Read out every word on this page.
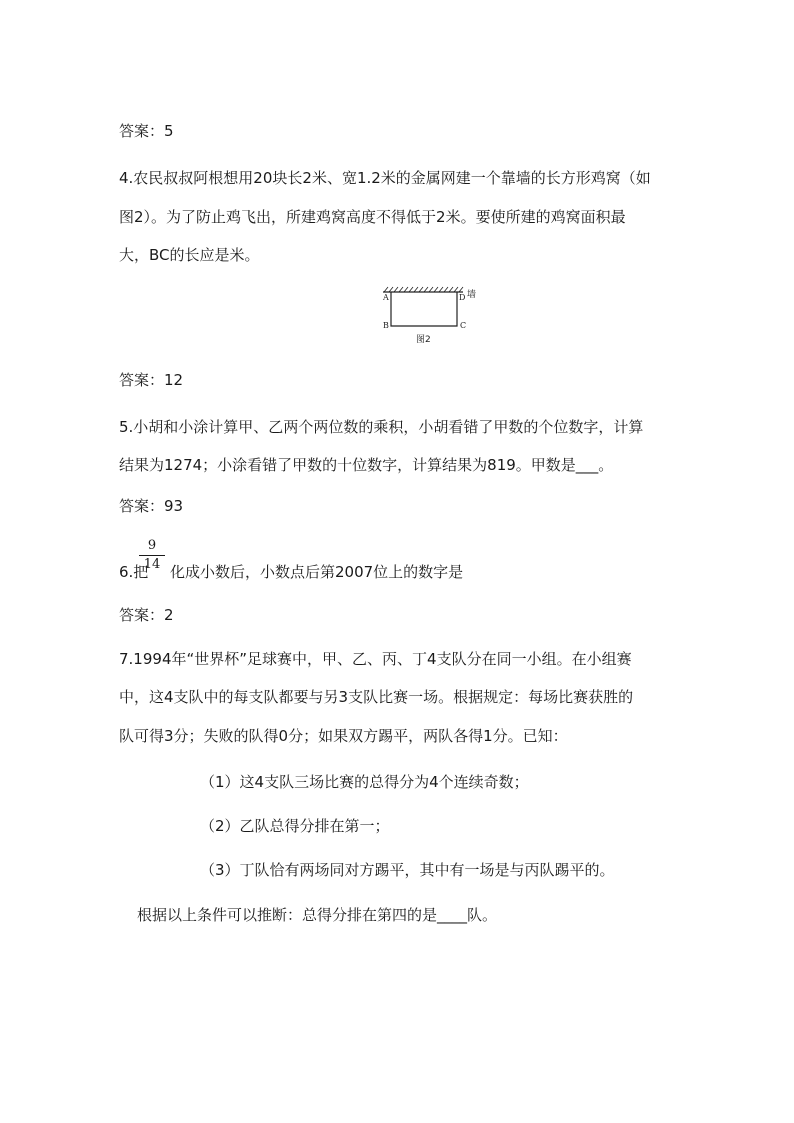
答案：5
4.农民叔叔阿根想用20块长2米、宽1.2米的金属网建一个靠墙的长方形鸡窝（如
图2）。为了防止鸡飞出，所建鸡窝高度不得低于2米。要使所建的鸡窝面积最
大，BC的长应是米。
A
B	C
D 墙
图2
答案：12
5.小胡和小涂计算甲、乙两个两位数的乘积，小胡看错了甲数的个位数字，计算
结果为1274；小涂看错了甲数的十位数字，计算结果为819。甲数是___。
答案：93
6.把
9
14 化成小数后，小数点后第2007位上的数字是
答案：2
7.1994年“世界杯”足球赛中，甲、乙、丙、丁4支队分在同一小组。在小组赛
中，这4支队中的每支队都要与另3支队比赛一场。根据规定：每场比赛获胜的
队可得3分；失败的队得0分；如果双方踢平，两队各得1分。已知：
（1）这4支队三场比赛的总得分为4个连续奇数；
（2）乙队总得分排在第一；
（3）丁队恰有两场同对方踢平，其中有一场是与丙队踢平的。
根据以上条件可以推断：总得分排在第四的是____队。
